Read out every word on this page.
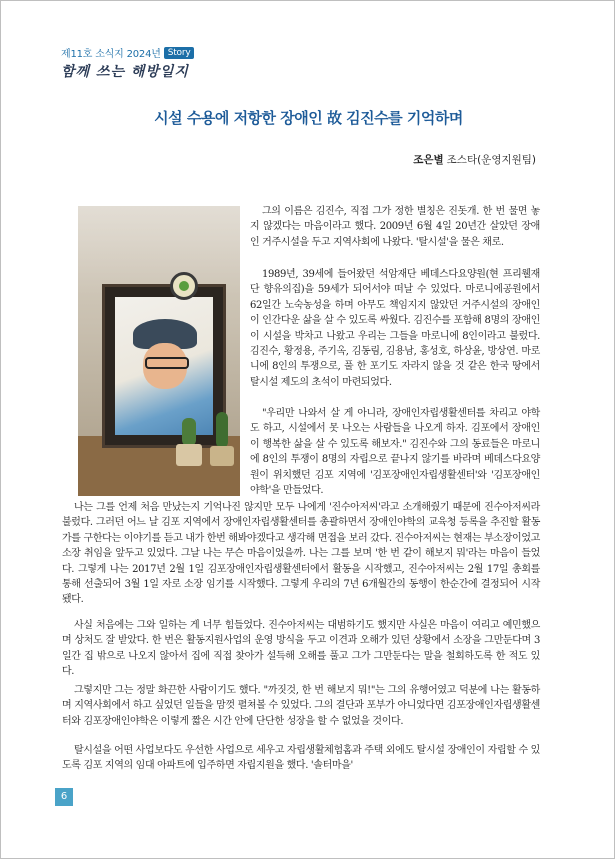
제11호 소식지 2024년 Story
함께 쓰는 해방일지
시설 수용에 저항한 장애인 故 김진수를 기억하며
조은별 조스타(운영지원팀)

그의 이름은 김진수, 직접 그가 정한 별칭은 진돗개. 한 번 물면 놓지 않겠다는 마음이라고 했다. 2009년 6월 4일 20년간 살았던 장애인 거주시설을 두고 지역사회에 나왔다. '탈시설'을 물은 채로.

1989년, 39세에 들어왔던 석암재단 베데스다요양원(현 프리웰재단 향유의집)을 59세가 되어서야 떠날 수 있었다. 마로니에공원에서 62일간 노숙농성을 하며 아무도 책임지지 않았던 거주시설의 장애인이 인간다운 삶을 살 수 있도록 싸웠다. 김진수를 포함해 8명의 장애인이 시설을 박차고 나왔고 우리는 그들을 마로니에 8인이라고 불렀다. 김진수, 황정용, 주기옥, 김동림, 김용남, 홍성호, 하상윤, 방상연. 마로니에 8인의 투쟁으로, 풀 한 포기도 자라지 않을 것 같은 한국 땅에서 탈시설 제도의 초석이 마련되었다.

"우리만 나와서 살 게 아니라, 장애인자립생활센터를 차리고 야학도 하고, 시설에서 못 나오는 사람들을 나오게 하자. 김포에서 장애인이 행복한 삶을 살 수 있도록 해보자." 김진수와 그의 동료들은 마로니에 8인의 투쟁이 8명의 자립으로 끝나지 않기를 바라며 베데스다요양원이 위치했던 김포 지역에 '김포장애인자립생활센터'와 '김포장애인야학'을 만들었다.

나는 그를 언제 처음 만났는지 기억나진 않지만 모두 나에게 '진수아저씨'라고 소개해줬기 때문에 진수아저씨라 불렀다. 그러던 어느 날 김포 지역에서 장애인자립생활센터를 총괄하면서 장애인야학의 교육청 등록을 추진할 활동가를 구한다는 이야기를 듣고 내가 한번 해봐야겠다고 생각해 면접을 보러 갔다. 진수아저씨는 현재는 부소장이었고 소장 취임을 앞두고 있었다. 그날 나는 무슨 마음이었을까. 나는 그를 보며 '한 번 같이 해보지 뭐'라는 마음이 들었다. 그렇게 나는 2017년 2월 1일 김포장애인자립생활센터에서 활동을 시작했고, 진수아저씨는 2월 17일 총회를 통해 선출되어 3월 1일 자로 소장 임기를 시작했다. 그렇게 우리의 7년 6개월간의 동행이 한순간에 결정되어 시작됐다.

사실 처음에는 그와 일하는 게 너무 힘들었다. 진수아저씨는 대범하기도 했지만 사실은 마음이 여리고 예민했으며 상처도 잘 받았다. 한 번은 활동지원사업의 운영 방식을 두고 이견과 오해가 있던 상황에서 소장을 그만둔다며 3일간 집 밖으로 나오지 않아서 집에 직접 찾아가 설득해 오해를 풀고 그가 그만둔다는 말을 철회하도록 한 적도 있다.

그렇지만 그는 정말 화끈한 사람이기도 했다. "까짓것, 한 번 해보지 뭐!"는 그의 유행어였고 덕분에 나는 활동하며 지역사회에서 하고 싶었던 일들을 맘껏 펼쳐볼 수 있었다. 그의 결단과 포부가 아니었다면 김포장애인자립생활센터와 김포장애인야학은 이렇게 짧은 시간 안에 단단한 성장을 할 수 없었을 것이다.

탈시설을 어떤 사업보다도 우선한 사업으로 세우고 자립생활체험홈과 주택 외에도 탈시설 장애인이 자립할 수 있도록 김포 지역의 임대 아파트에 입주하면 자립지원을 했다. '솔터마을'

6
